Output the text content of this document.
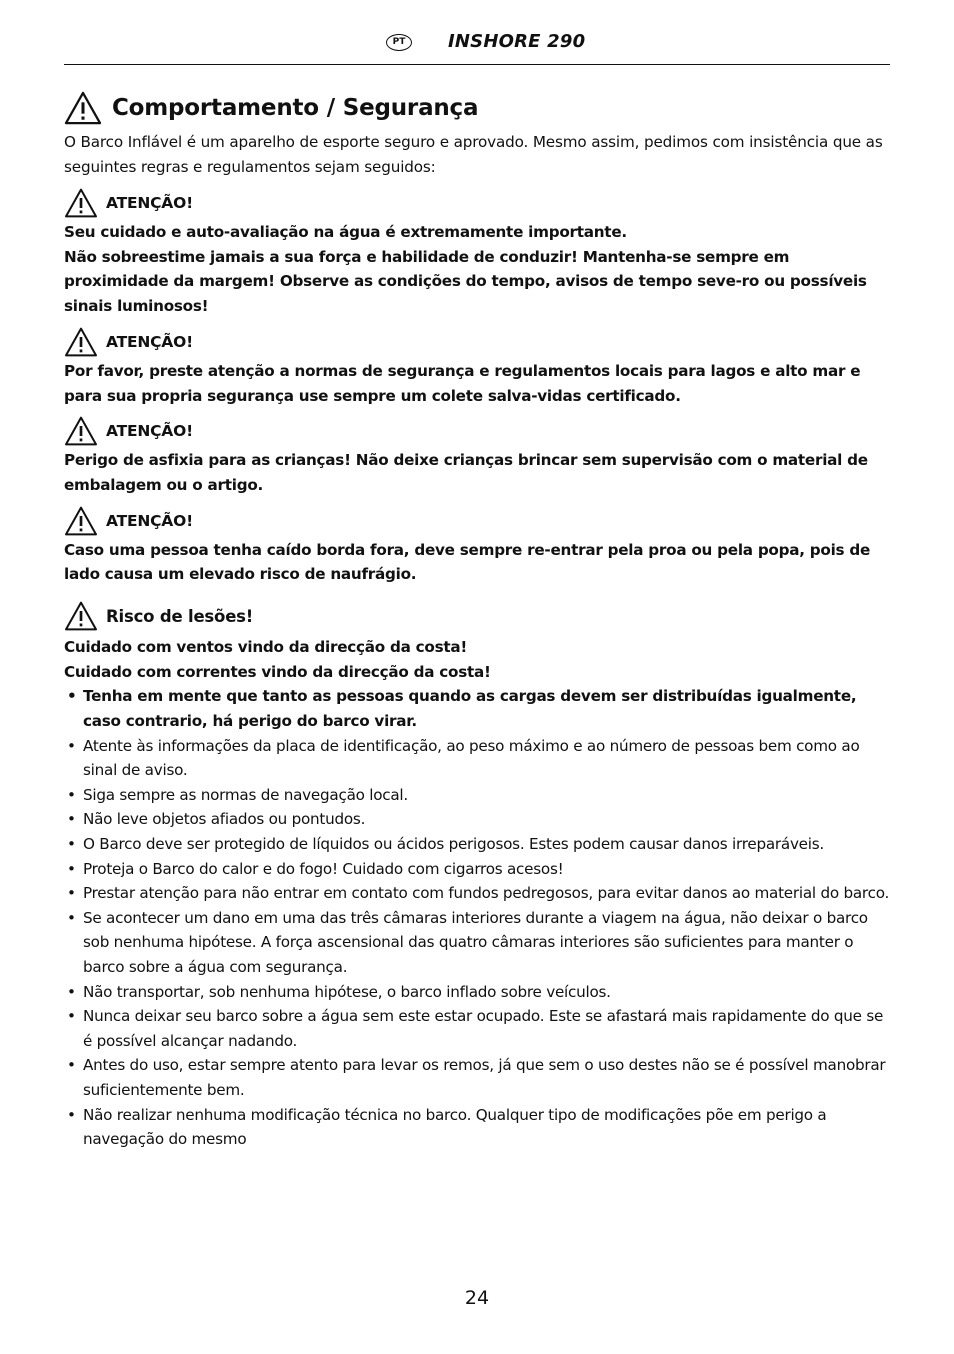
PT	INSHORE 290
Comportamento / Segurança

O Barco Inflável é um aparelho de esporte seguro e aprovado. Mesmo assim, pedimos com insistência que as seguintes regras e regulamentos sejam seguidos:

ATENÇÃO!

Seu cuidado e auto-avaliação na água é extremamente importante.

Não sobreestime jamais a sua força e habilidade de conduzir! Mantenha-se sempre em proximidade da margem! Observe as condições do tempo, avisos de tempo seve-ro ou possíveis sinais luminosos!

ATENÇÃO!

Por favor, preste atenção a normas de segurança e regulamentos locais para lagos e alto mar e para sua propria segurança use sempre um colete salva-vidas certificado.

ATENÇÃO!

Perigo de asfixia para as crianças! Não deixe crianças brincar sem supervisão com o material de embalagem ou o artigo.

ATENÇÃO!

Caso uma pessoa tenha caído borda fora, deve sempre re-entrar pela proa ou pela popa, pois de lado causa um elevado risco de naufrágio.

Risco de lesões!

Cuidado com ventos vindo da direcção da costa!

Cuidado com correntes vindo da direcção da costa!

• Tenha em mente que tanto as pessoas quando as cargas devem ser distribuídas igualmente, caso contrario, há perigo do barco virar.
• Atente às informações da placa de identificação, ao peso máximo e ao número de pessoas bem como ao sinal de aviso.
• Siga sempre as normas de navegação local.
• Não leve objetos afiados ou pontudos.
• O Barco deve ser protegido de líquidos ou ácidos perigosos. Estes podem causar danos irreparáveis.
• Proteja o Barco do calor e do fogo! Cuidado com cigarros acesos!
• Prestar atenção para não entrar em contato com fundos pedregosos, para evitar danos ao material do barco.
• Se acontecer um dano em uma das três câmaras interiores durante a viagem na água, não deixar o barco sob nenhuma hipótese. A força ascensional das quatro câmaras interiores são suficientes para manter o barco sobre a água com segurança.
• Não transportar, sob nenhuma hipótese, o barco inflado sobre veículos.
• Nunca deixar seu barco sobre a água sem este estar ocupado. Este se afastará mais rapidamente do que se é possível alcançar nadando.
• Antes do uso, estar sempre atento para levar os remos, já que sem o uso destes não se é possível manobrar suficientemente bem.
• Não realizar nenhuma modificação técnica no barco. Qualquer tipo de modificações põe em perigo a navegação do mesmo
24
